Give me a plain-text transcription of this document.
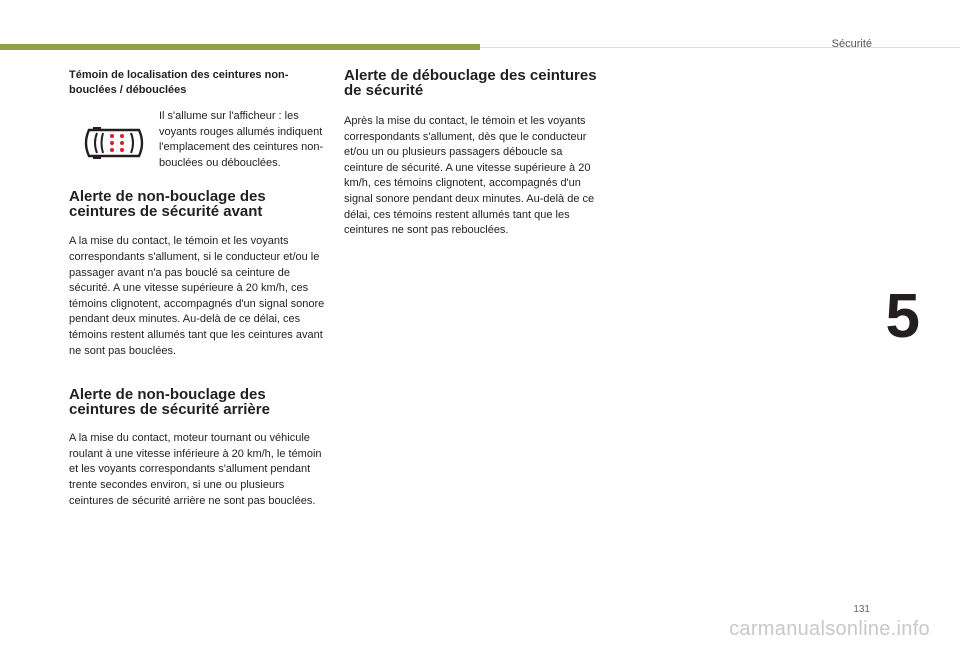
Sécurité
5
131

Témoin de localisation des ceintures non-bouclées / débouclées

Il s'allume sur l'afficheur : les voyants rouges allumés indiquent l'emplacement des ceintures non-bouclées ou débouclées.

Alerte de non-bouclage des ceintures de sécurité avant

A la mise du contact, le témoin et les voyants correspondants s'allument, si le conducteur et/ou le passager avant n'a pas bouclé sa ceinture de sécurité. A une vitesse supérieure à 20 km/h, ces témoins clignotent, accompagnés d'un signal sonore pendant deux minutes. Au-delà de ce délai, ces témoins restent allumés tant que les ceintures avant ne sont pas bouclées.

Alerte de non-bouclage des ceintures de sécurité arrière

A la mise du contact, moteur tournant ou véhicule roulant à une vitesse inférieure à 20 km/h, le témoin et les voyants correspondants s'allument pendant trente secondes environ, si une ou plusieurs ceintures de sécurité arrière ne sont pas bouclées.

Alerte de débouclage des ceintures de sécurité

Après la mise du contact, le témoin et les voyants correspondants s'allument, dès que le conducteur et/ou un ou plusieurs passagers déboucle sa ceinture de sécurité. A une vitesse supérieure à 20 km/h, ces témoins clignotent, accompagnés d'un signal sonore pendant deux minutes. Au-delà de ce délai, ces témoins restent allumés tant que les ceintures ne sont pas rebouclées.

carmanualsonline.info
